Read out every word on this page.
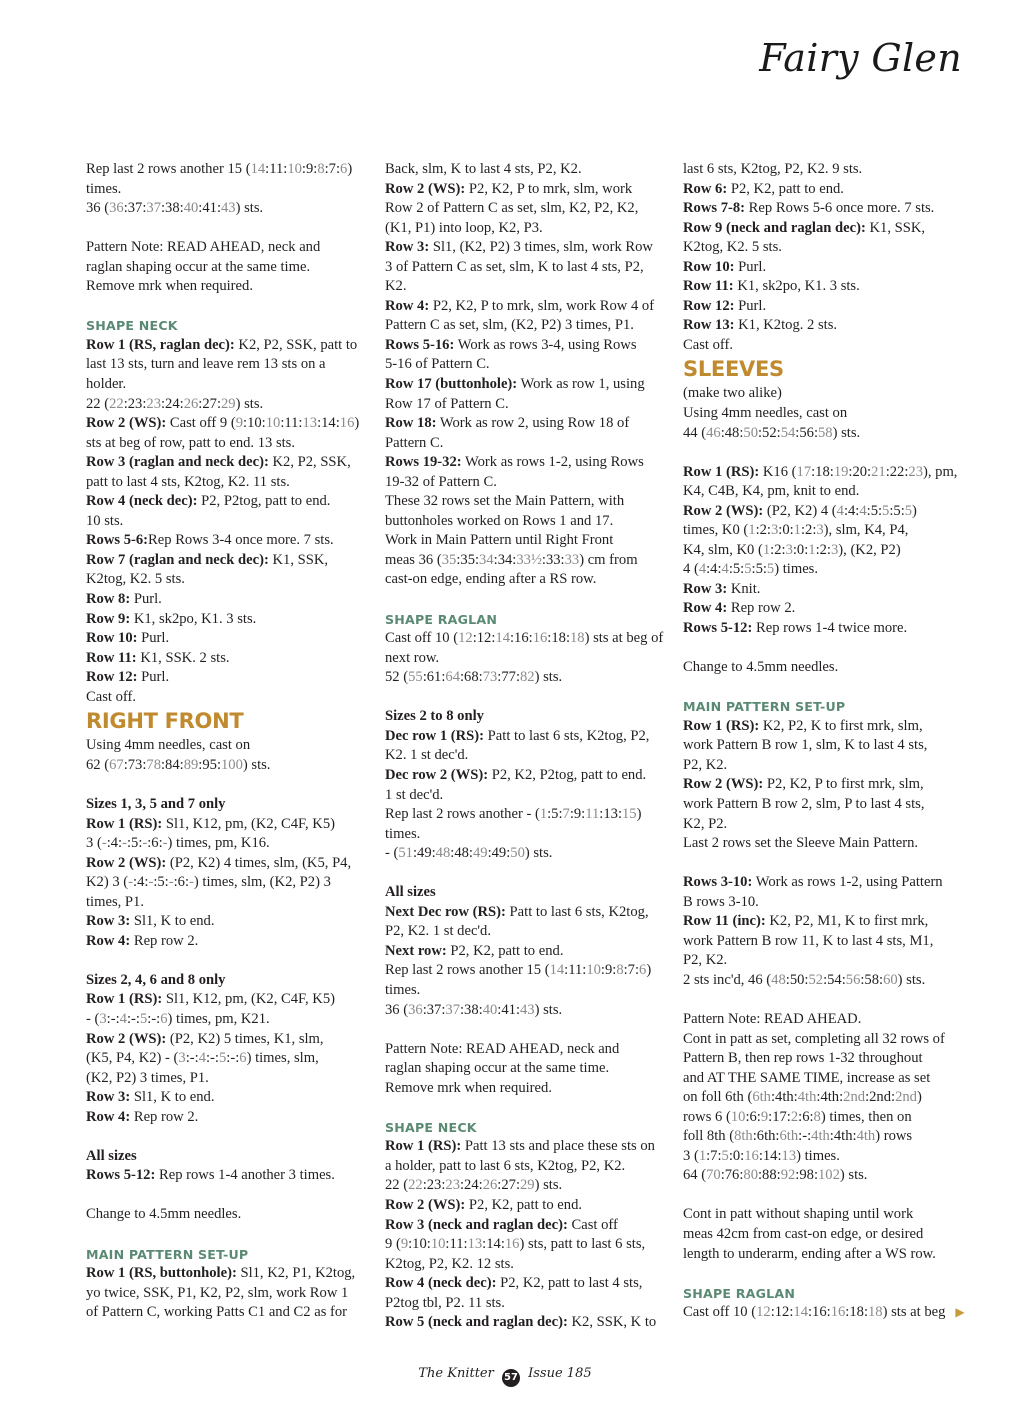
Fairy Glen

Rep last 2 rows another 15 (14:11:10:9:8:7:6)

times.

36 (36:37:37:38:40:41:43) sts.

Pattern Note: READ AHEAD, neck and

raglan shaping occur at the same time.

Remove mrk when required.

SHAPE NECK

Row 1 (RS, raglan dec): K2, P2, SSK, patt to

last 13 sts, turn and leave rem 13 sts on a

holder.

22 (22:23:23:24:26:27:29) sts.

Row 2 (WS): Cast off 9 (9:10:10:11:13:14:16)

sts at beg of row, patt to end. 13 sts.

Row 3 (raglan and neck dec): K2, P2, SSK,

patt to last 4 sts, K2tog, K2. 11 sts.

Row 4 (neck dec): P2, P2tog, patt to end.

10 sts.

Rows 5-6:Rep Rows 3-4 once more. 7 sts.

Row 7 (raglan and neck dec): K1, SSK,

K2tog, K2. 5 sts.

Row 8: Purl.

Row 9: K1, sk2po, K1. 3 sts.

Row 10: Purl.

Row 11: K1, SSK. 2 sts.

Row 12: Purl.

Cast off.

RIGHT FRONT

Using 4mm needles, cast on

62 (67:73:78:84:89:95:100) sts.

Sizes 1, 3, 5 and 7 only

Row 1 (RS): Sl1, K12, pm, (K2, C4F, K5)

3 (-:4:-:5:-:6:-) times, pm, K16.

Row 2 (WS): (P2, K2) 4 times, slm, (K5, P4,

K2) 3 (-:4:-:5:-:6:-) times, slm, (K2, P2) 3

times, P1.

Row 3: Sl1, K to end.

Row 4: Rep row 2.

Sizes 2, 4, 6 and 8 only

Row 1 (RS): Sl1, K12, pm, (K2, C4F, K5)

- (3:-:4:-:5:-:6) times, pm, K21.

Row 2 (WS): (P2, K2) 5 times, K1, slm,

(K5, P4, K2) - (3:-:4:-:5:-:6) times, slm,

(K2, P2) 3 times, P1.

Row 3: Sl1, K to end.

Row 4: Rep row 2.

All sizes

Rows 5-12: Rep rows 1-4 another 3 times.

Change to 4.5mm needles.

MAIN PATTERN SET-UP

Row 1 (RS, buttonhole): Sl1, K2, P1, K2tog,

yo twice, SSK, P1, K2, P2, slm, work Row 1

of Pattern C, working Patts C1 and C2 as for

Back, slm, K to last 4 sts, P2, K2.

Row 2 (WS): P2, K2, P to mrk, slm, work

Row 2 of Pattern C as set, slm, K2, P2, K2,

(K1, P1) into loop, K2, P3.

Row 3: Sl1, (K2, P2) 3 times, slm, work Row

3 of Pattern C as set, slm, K to last 4 sts, P2,

K2.

Row 4: P2, K2, P to mrk, slm, work Row 4 of

Pattern C as set, slm, (K2, P2) 3 times, P1.

Rows 5-16: Work as rows 3-4, using Rows

5-16 of Pattern C.

Row 17 (buttonhole): Work as row 1, using

Row 17 of Pattern C.

Row 18: Work as row 2, using Row 18 of

Pattern C.

Rows 19-32: Work as rows 1-2, using Rows

19-32 of Pattern C.

These 32 rows set the Main Pattern, with

buttonholes worked on Rows 1 and 17.

Work in Main Pattern until Right Front

meas 36 (35:35:34:34:33½:33:33) cm from

cast-on edge, ending after a RS row.

SHAPE RAGLAN

Cast off 10 (12:12:14:16:16:18:18) sts at beg of

next row.

52 (55:61:64:68:73:77:82) sts.

Sizes 2 to 8 only

Dec row 1 (RS): Patt to last 6 sts, K2tog, P2,

K2. 1 st dec'd.

Dec row 2 (WS): P2, K2, P2tog, patt to end.

1 st dec'd.

Rep last 2 rows another - (1:5:7:9:11:13:15)

times.

- (51:49:48:48:49:49:50) sts.

All sizes

Next Dec row (RS): Patt to last 6 sts, K2tog,

P2, K2. 1 st dec'd.

Next row: P2, K2, patt to end.

Rep last 2 rows another 15 (14:11:10:9:8:7:6)

times.

36 (36:37:37:38:40:41:43) sts.

Pattern Note: READ AHEAD, neck and

raglan shaping occur at the same time.

Remove mrk when required.

SHAPE NECK

Row 1 (RS): Patt 13 sts and place these sts on

a holder, patt to last 6 sts, K2tog, P2, K2.

22 (22:23:23:24:26:27:29) sts.

Row 2 (WS): P2, K2, patt to end.

Row 3 (neck and raglan dec): Cast off

9 (9:10:10:11:13:14:16) sts, patt to last 6 sts,

K2tog, P2, K2. 12 sts.

Row 4 (neck dec): P2, K2, patt to last 4 sts,

P2tog tbl, P2. 11 sts.

Row 5 (neck and raglan dec): K2, SSK, K to

last 6 sts, K2tog, P2, K2. 9 sts.

Row 6: P2, K2, patt to end.

Rows 7-8: Rep Rows 5-6 once more. 7 sts.

Row 9 (neck and raglan dec): K1, SSK,

K2tog, K2. 5 sts.

Row 10: Purl.

Row 11: K1, sk2po, K1. 3 sts.

Row 12: Purl.

Row 13: K1, K2tog. 2 sts.

Cast off.

SLEEVES

(make two alike)

Using 4mm needles, cast on

44 (46:48:50:52:54:56:58) sts.

Row 1 (RS): K16 (17:18:19:20:21:22:23), pm,

K4, C4B, K4, pm, knit to end.

Row 2 (WS): (P2, K2) 4 (4:4:4:5:5:5:5)

times, K0 (1:2:3:0:1:2:3), slm, K4, P4,

K4, slm, K0 (1:2:3:0:1:2:3), (K2, P2)

4 (4:4:4:5:5:5:5) times.

Row 3: Knit.

Row 4: Rep row 2.

Rows 5-12: Rep rows 1-4 twice more.

Change to 4.5mm needles.

MAIN PATTERN SET-UP

Row 1 (RS): K2, P2, K to first mrk, slm,

work Pattern B row 1, slm, K to last 4 sts,

P2, K2.

Row 2 (WS): P2, K2, P to first mrk, slm,

work Pattern B row 2, slm, P to last 4 sts,

K2, P2.

Last 2 rows set the Sleeve Main Pattern.

Rows 3-10: Work as rows 1-2, using Pattern

B rows 3-10.

Row 11 (inc): K2, P2, M1, K to first mrk,

work Pattern B row 11, K to last 4 sts, M1,

P2, K2.

2 sts inc'd, 46 (48:50:52:54:56:58:60) sts.

Pattern Note: READ AHEAD.

Cont in patt as set, completing all 32 rows of

Pattern B, then rep rows 1-32 throughout

and AT THE SAME TIME, increase as set

on foll 6th (6th:4th:4th:4th:2nd:2nd:2nd)

rows 6 (10:6:9:17:2:6:8) times, then on

foll 8th (8th:6th:6th:-:4th:4th:4th) rows

3 (1:7:5:0:16:14:13) times.

64 (70:76:80:88:92:98:102) sts.

Cont in patt without shaping until work

meas 42cm from cast-on edge, or desired

length to underarm, ending after a WS row.

SHAPE RAGLAN

Cast off 10 (12:12:14:16:16:18:18) sts at beg ▶

The Knitter 57 Issue 185
